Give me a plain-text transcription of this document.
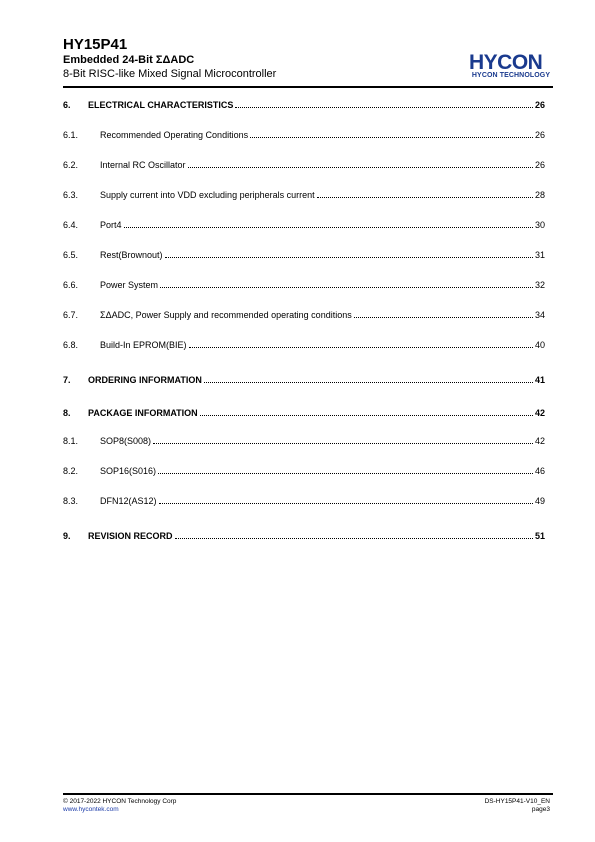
HY15P41
Embedded 24-Bit ΣΔADC
8-Bit RISC-like Mixed Signal Microcontroller	HYCON
HYCON TECHNOLOGY
6.	ELECTRICAL CHARACTERISTICS	26
6.1.	Recommended Operating Conditions	26
6.2.	Internal RC Oscillator	26
6.3.	Supply current into VDD excluding peripherals current	28
6.4.	Port4	30
6.5.	Rest(Brownout)	31
6.6.	Power System	32
6.7.	ΣΔADC, Power Supply and recommended operating conditions	34
6.8.	Build-In EPROM(BIE)	40
7.	ORDERING INFORMATION	41
8.	PACKAGE INFORMATION	42
8.1.	SOP8(S008)	42
8.2.	SOP16(S016)	46
8.3.	DFN12(AS12)	49
9.	REVISION RECORD	51
© 2017-2022 HYCON Technology Corp
www.hycontek.com
DS-HY15P41-V10_EN
page3
